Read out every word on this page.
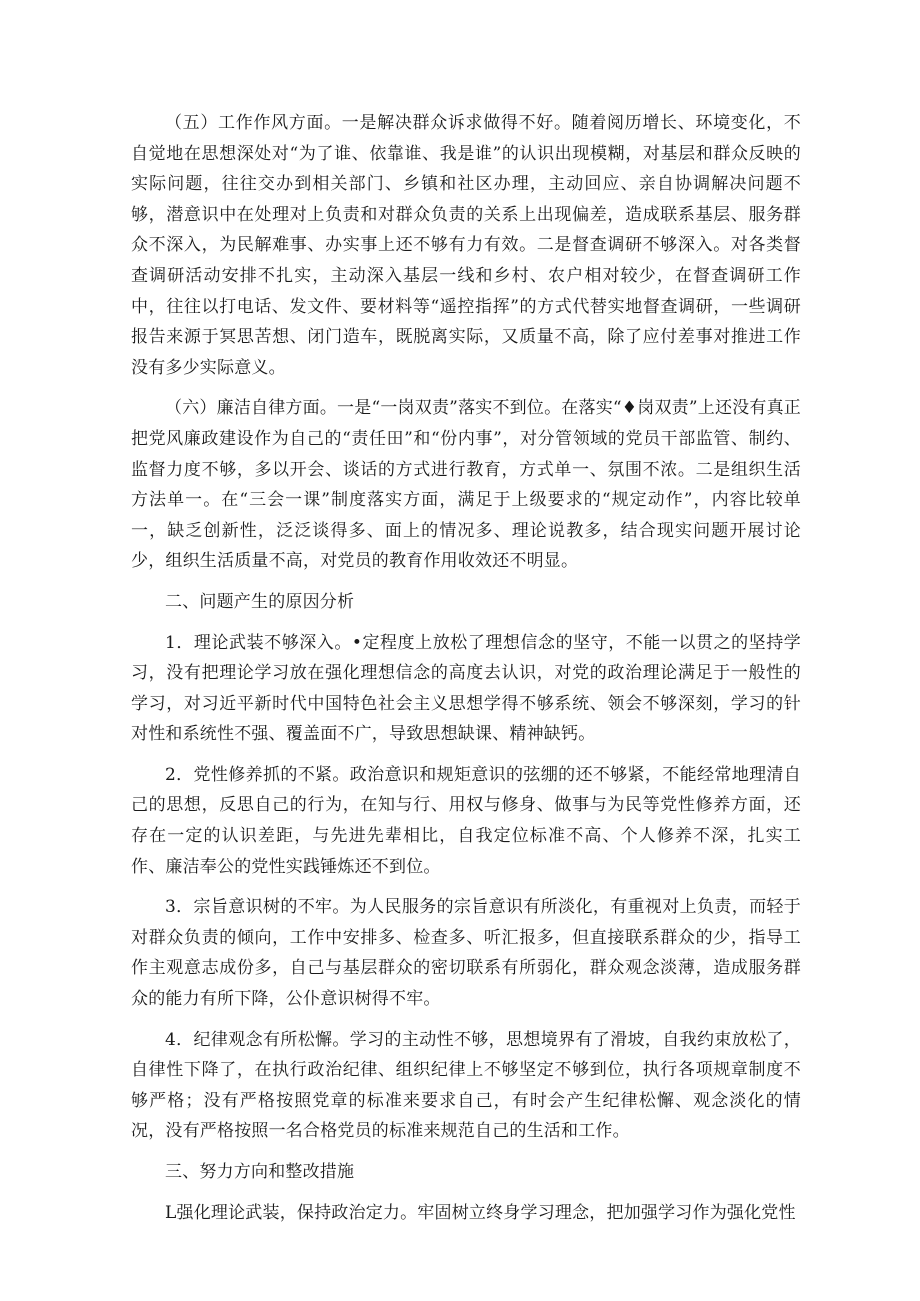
（五）工作作风方面。一是解决群众诉求做得不好。随着阅历增长、环境变化，不自觉地在思想深处对“为了谁、依靠谁、我是谁”的认识出现模糊，对基层和群众反映的实际问题，往往交办到相关部门、乡镇和社区办理，主动回应、亲自协调解决问题不够，潜意识中在处理对上负责和对群众负责的关系上出现偏差，造成联系基层、服务群众不深入，为民解难事、办实事上还不够有力有效。二是督查调研不够深入。对各类督查调研活动安排不扎实，主动深入基层一线和乡村、农户相对较少，在督查调研工作中，往往以打电话、发文件、要材料等“遥控指挥”的方式代替实地督查调研，一些调研报告来源于冥思苦想、闭门造车，既脱离实际，又质量不高，除了应付差事对推进工作没有多少实际意义。

（六）廉洁自律方面。一是“一岗双责”落实不到位。在落实“♦岗双责”上还没有真正把党风廉政建设作为自己的“责任田”和“份内事”，对分管领域的党员干部监管、制约、监督力度不够，多以开会、谈话的方式进行教育，方式单一、氛围不浓。二是组织生活方法单一。在“三会一课”制度落实方面，满足于上级要求的“规定动作”，内容比较单一，缺乏创新性，泛泛谈得多、面上的情况多、理论说教多，结合现实问题开展讨论少，组织生活质量不高，对党员的教育作用收效还不明显。

二、问题产生的原因分析

1．理论武装不够深入。•定程度上放松了理想信念的坚守，不能一以贯之的坚持学习，没有把理论学习放在强化理想信念的高度去认识，对党的政治理论满足于一般性的学习，对习近平新时代中国特色社会主义思想学得不够系统、领会不够深刻，学习的针对性和系统性不强、覆盖面不广，导致思想缺课、精神缺钙。

2．党性修养抓的不紧。政治意识和规矩意识的弦绷的还不够紧，不能经常地理清自己的思想，反思自己的行为，在知与行、用权与修身、做事与为民等党性修养方面，还存在一定的认识差距，与先进先辈相比，自我定位标准不高、个人修养不深，扎实工作、廉洁奉公的党性实践锤炼还不到位。

3．宗旨意识树的不牢。为人民服务的宗旨意识有所淡化，有重视对上负责，而轻于对群众负责的倾向，工作中安排多、检查多、听汇报多，但直接联系群众的少，指导工作主观意志成份多，自己与基层群众的密切联系有所弱化，群众观念淡薄，造成服务群众的能力有所下降，公仆意识树得不牢。

4．纪律观念有所松懈。学习的主动性不够，思想境界有了滑坡，自我约束放松了，自律性下降了，在执行政治纪律、组织纪律上不够坚定不够到位，执行各项规章制度不够严格；没有严格按照党章的标准来要求自己，有时会产生纪律松懈、观念淡化的情况，没有严格按照一名合格党员的标准来规范自己的生活和工作。

三、努力方向和整改措施

L强化理论武装，保持政治定力。牢固树立终身学习理念，把加强学习作为强化党性
